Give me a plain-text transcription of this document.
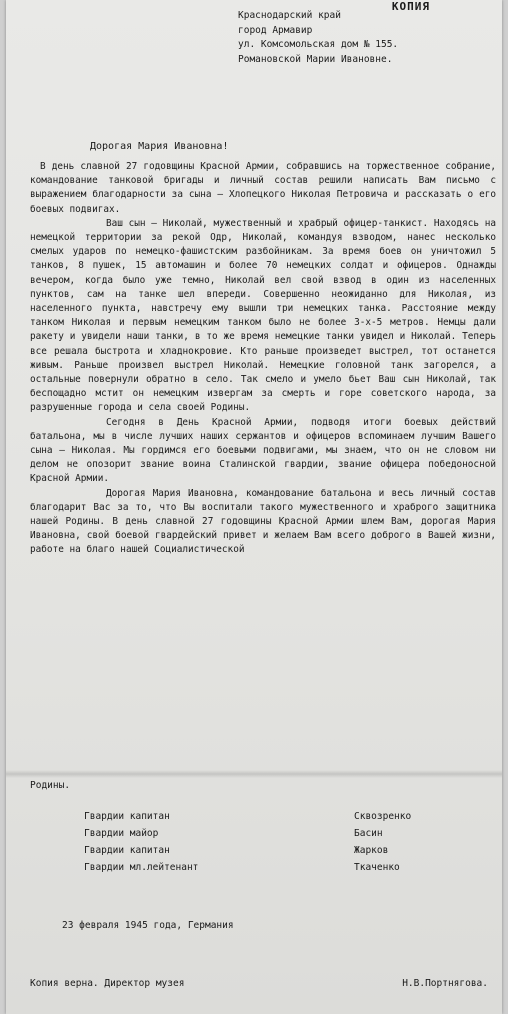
КОПИЯ
Краснодарский край
город Армавир
ул. Комсомольская дом № 155.
Романовской Марии Ивановне.
Дорогая Мария Ивановна!

В день славной 27 годовщины Красной Армии, собравшись на торжественное собрание, командование танковой бригады и личный состав решили написать Вам письмо с выражением благодарности за сына – Хлопецкого Николая Петровича и рассказать о его боевых подвигах.

Ваш сын – Николай, мужественный и храбрый офицер-танкист. Находясь на немецкой территории за рекой Одр, Николай, командуя взводом, нанес несколько смелых ударов по немецко-фашистским разбойникам. За время боев он уничтожил 5 танков, 8 пушек, 15 автомашин и более 70 немецких солдат и офицеров. Однажды вечером, когда было уже темно, Николай вел свой взвод в один из населенных пунктов, сам на танке шел впереди. Совершенно неожиданно для Николая, из населенного пункта, навстречу ему вышли три немецких танка. Расстояние между танком Николая и первым немецким танком было не более 3-х-5 метров. Немцы дали ракету и увидели наши танки, в то же время немецкие танки увидел и Николай. Теперь все решала быстрота и хладнокровие. Кто раньше произведет выстрел, тот останется живым. Раньше произвел выстрел Николай. Немецкие головной танк загорелся, а остальные повернули обратно в село. Так смело и умело бьет Ваш сын Николай, так беспощадно мстит он немецким извергам за смерть и горе советского народа, за разрушенные города и села своей Родины.

Сегодня в День Красной Армии, подводя итоги боевых действий батальона, мы в числе лучших наших сержантов и офицеров вспоминаем лучшим Вашего сына – Николая. Мы гордимся его боевыми подвигами, мы знаем, что он не словом ни делом не опозорит звание воина Сталинской гвардии, звание офицера победоносной Красной Армии.

Дорогая Мария Ивановна, командование батальона и весь личный состав благодарит Вас за то, что Вы воспитали такого мужественного и храброго защитника нашей Родины. В день славной 27 годовщины Красной Армии шлем Вам, дорогая Мария Ивановна, свой боевой гвардейский привет и желаем Вам всего доброго в Вашей жизни, работе на благо нашей Социалистической

Родины.
Гвардии капитан	Сквозренко
Гвардии майор	Басин
Гвардии капитан	Жарков
Гвардии мл.лейтенант	Ткаченко
23 февраля 1945 года, Германия
Копия верна. Директор музея	Н.В.Портнягова.
